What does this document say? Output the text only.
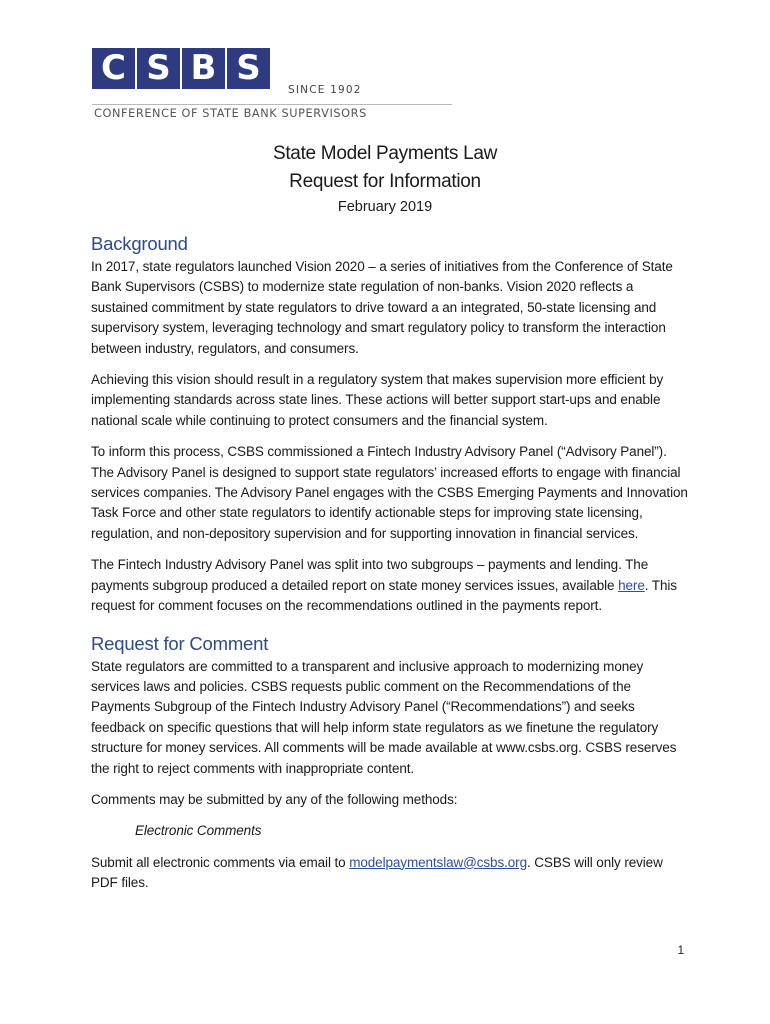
C S B S
SINCE 1902
CONFERENCE OF STATE BANK SUPERVISORS
State Model Payments Law
Request for Information
February 2019
Background

In 2017, state regulators launched Vision 2020 – a series of initiatives from the Conference of State Bank Supervisors (CSBS) to modernize state regulation of non-banks. Vision 2020 reflects a sustained commitment by state regulators to drive toward a an integrated, 50-state licensing and supervisory system, leveraging technology and smart regulatory policy to transform the interaction between industry, regulators, and consumers.

Achieving this vision should result in a regulatory system that makes supervision more efficient by implementing standards across state lines. These actions will better support start-ups and enable national scale while continuing to protect consumers and the financial system.

To inform this process, CSBS commissioned a Fintech Industry Advisory Panel (“Advisory Panel”). The Advisory Panel is designed to support state regulators’ increased efforts to engage with financial services companies. The Advisory Panel engages with the CSBS Emerging Payments and Innovation Task Force and other state regulators to identify actionable steps for improving state licensing, regulation, and non-depository supervision and for supporting innovation in financial services.

The Fintech Industry Advisory Panel was split into two subgroups – payments and lending. The payments subgroup produced a detailed report on state money services issues, available here. This request for comment focuses on the recommendations outlined in the payments report.

Request for Comment

State regulators are committed to a transparent and inclusive approach to modernizing money services laws and policies. CSBS requests public comment on the Recommendations of the Payments Subgroup of the Fintech Industry Advisory Panel (“Recommendations”) and seeks feedback on specific questions that will help inform state regulators as we finetune the regulatory structure for money services. All comments will be made available at www.csbs.org. CSBS reserves the right to reject comments with inappropriate content.

Comments may be submitted by any of the following methods:

Electronic Comments

Submit all electronic comments via email to modelpaymentslaw@csbs.org. CSBS will only review PDF files.

1
